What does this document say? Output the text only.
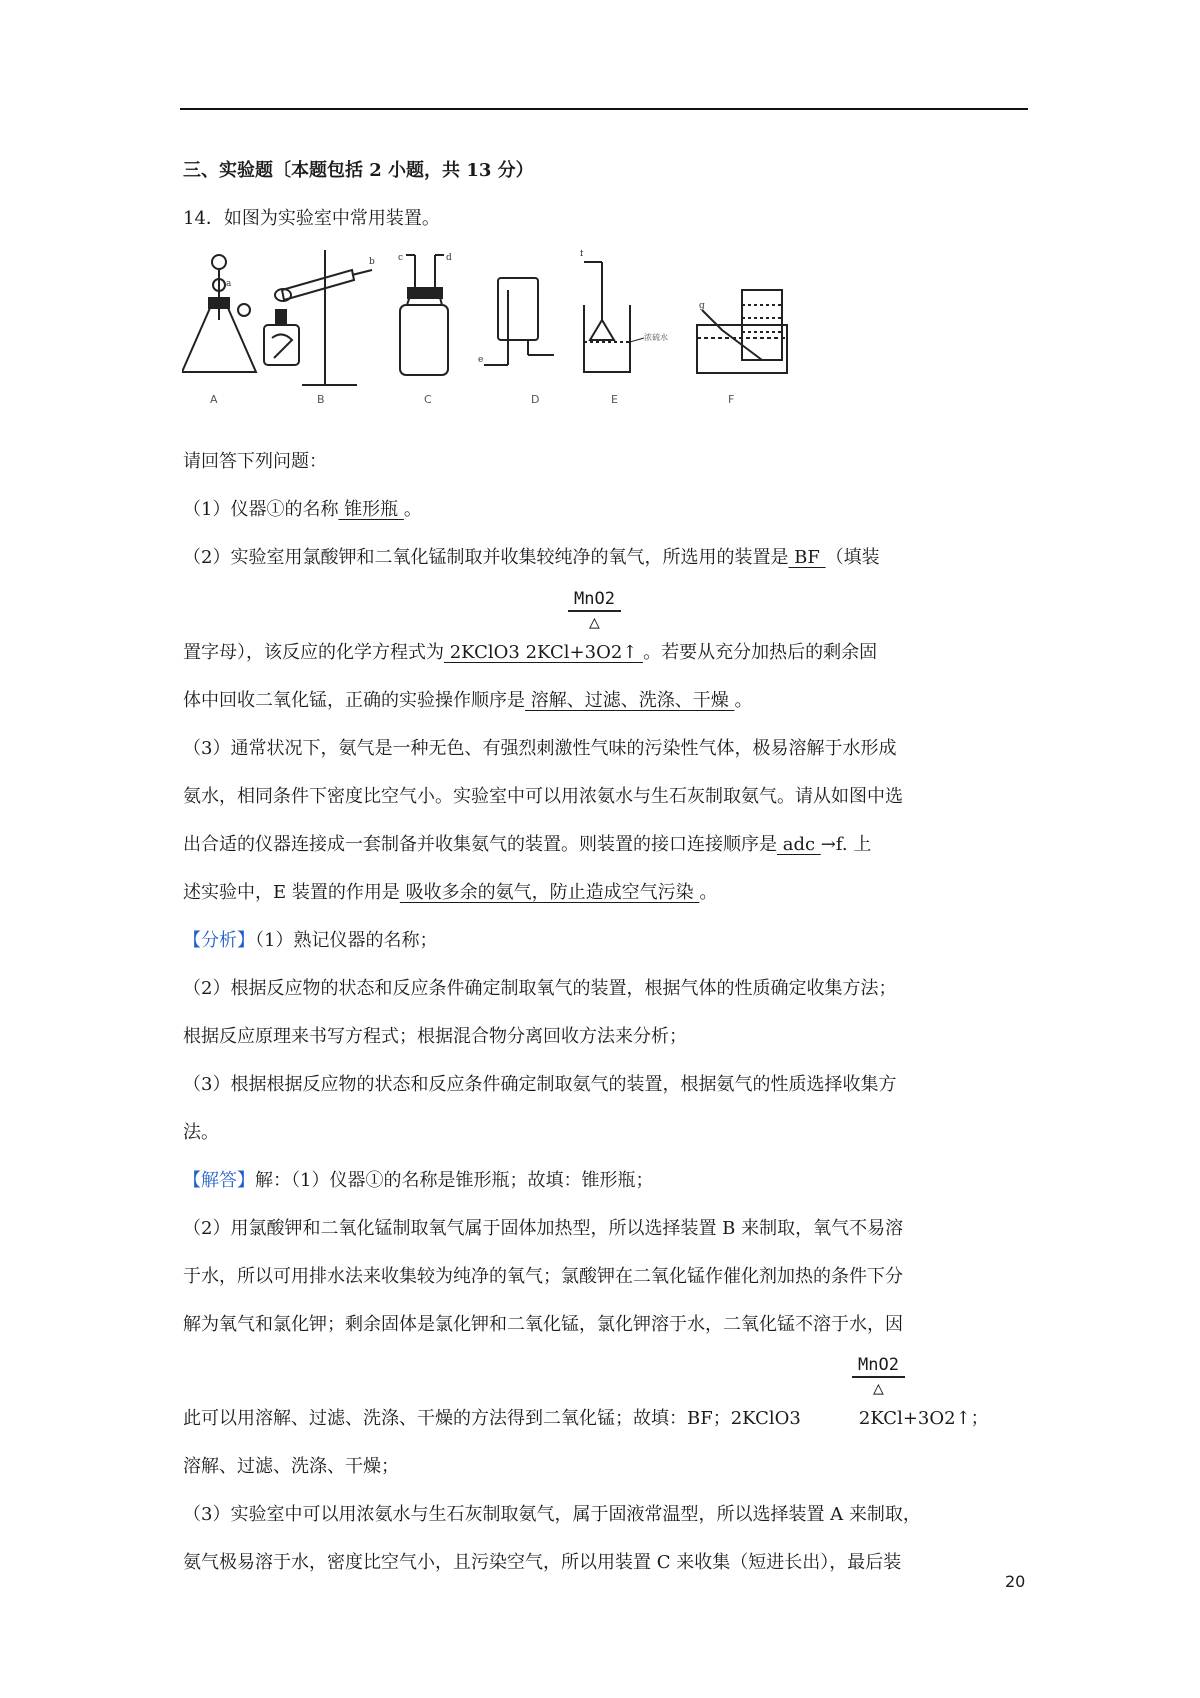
三、实验题〔本题包括 2 小题，共 13 分）
14．如图为实验室中常用装置。
a
b	c	d
e
f
浓硫水
g
A	B	C	D	E	F
请回答下列问题：
（1）仪器①的名称 锥形瓶 。
（2）实验室用氯酸钾和二氧化锰制取并收集较纯净的氧气，所选用的装置是 BF （填装
MnO2
△
置字母），该反应的化学方程式为 2KClO3 2KCl+3O2↑ 。若要从充分加热后的剩余固
体中回收二氧化锰，正确的实验操作顺序是 溶解、过滤、洗涤、干燥 。
（3）通常状况下，氨气是一种无色、有强烈刺激性气味的污染性气体，极易溶解于水形成
氨水，相同条件下密度比空气小。实验室中可以用浓氨水与生石灰制取氨气。请从如图中选
出合适的仪器连接成一套制备并收集氨气的装置。则装置的接口连接顺序是 adc →f. 上
述实验中，E 装置的作用是 吸收多余的氨气，防止造成空气污染 。
【分析】（1）熟记仪器的名称；
（2）根据反应物的状态和反应条件确定制取氧气的装置，根据气体的性质确定收集方法；
根据反应原理来书写方程式；根据混合物分离回收方法来分析；
（3）根据根据反应物的状态和反应条件确定制取氨气的装置，根据氨气的性质选择收集方
法。
【解答】解：（1）仪器①的名称是锥形瓶；故填：锥形瓶；
（2）用氯酸钾和二氧化锰制取氧气属于固体加热型，所以选择装置 B 来制取，氧气不易溶
于水，所以可用排水法来收集较为纯净的氧气；氯酸钾在二氧化锰作催化剂加热的条件下分
解为氧气和氯化钾；剩余固体是氯化钾和二氧化锰，氯化钾溶于水，二氧化锰不溶于水，因
MnO2
△
此可以用溶解、过滤、洗涤、干燥的方法得到二氧化锰；故填：BF；2KClO3	2KCl+3O2↑；
溶解、过滤、洗涤、干燥；
（3）实验室中可以用浓氨水与生石灰制取氨气，属于固液常温型，所以选择装置 A 来制取，
氨气极易溶于水，密度比空气小，且污染空气，所以用装置 C 来收集（短进长出），最后装
20
